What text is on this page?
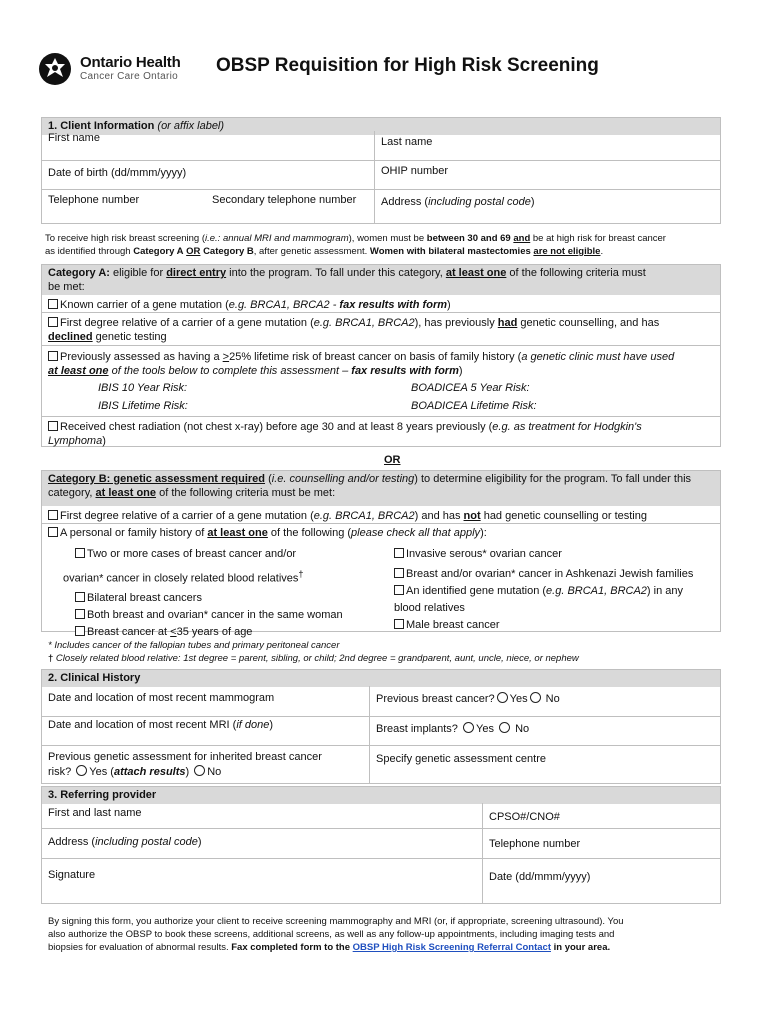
Ontario Health
Cancer Care Ontario
OBSP Requisition for High Risk Screening
1. Client Information (or affix label)
First name	Last name
Date of birth (dd/mmm/yyyy)	OHIP number
Telephone number	Secondary telephone number	Address (including postal code)
To receive high risk breast screening (i.e.: annual MRI and mammogram), women must be between 30 and 69 and be at high risk for breast cancer
as identified through Category A OR Category B, after genetic assessment. Women with bilateral mastectomies are not eligible.
Category A: eligible for direct entry into the program. To fall under this category, at least one of the following criteria must
be met:
Known carrier of a gene mutation (e.g. BRCA1, BRCA2 - fax results with form)
First degree relative of a carrier of a gene mutation (e.g. BRCA1, BRCA2), has previously had genetic counselling, and has
declined genetic testing
Previously assessed as having a >25% lifetime risk of breast cancer on basis of family history (a genetic clinic must have used
at least one of the tools below to complete this assessment – fax results with form)
IBIS 10 Year Risk:	BOADICEA 5 Year Risk:
IBIS Lifetime Risk:	BOADICEA Lifetime Risk:
Received chest radiation (not chest x-ray) before age 30 and at least 8 years previously (e.g. as treatment for Hodgkin's
Lymphoma)
OR
Category B: genetic assessment required (i.e. counselling and/or testing) to determine eligibility for the program. To fall under this
category, at least one of the following criteria must be met:
First degree relative of a carrier of a gene mutation (e.g. BRCA1, BRCA2) and has not had genetic counselling or testing
A personal or family history of at least one of the following (please check all that apply):
Two or more cases of breast cancer and/or
ovarian* cancer in closely related blood relatives†
Bilateral breast cancers
Both breast and ovarian* cancer in the same woman
Breast cancer at <35 years of age
Invasive serous* ovarian cancer
Breast and/or ovarian* cancer in Ashkenazi Jewish families
An identified gene mutation (e.g. BRCA1, BRCA2) in any
blood relatives
Male breast cancer
* Includes cancer of the fallopian tubes and primary peritoneal cancer
† Closely related blood relative: 1st degree = parent, sibling, or child; 2nd degree = grandparent, aunt, uncle, niece, or nephew
2. Clinical History
Date and location of most recent mammogram	Previous breast cancer? Yes No
Date and location of most recent MRI (if done)	Breast implants? Yes No
Previous genetic assessment for inherited breast cancer
risk? Yes (attach results) No
Specify genetic assessment centre
3. Referring provider
First and last name	CPSO#/CNO#
Address (including postal code)	Telephone number
Signature	Date (dd/mmm/yyyy)
By signing this form, you authorize your client to receive screening mammography and MRI (or, if appropriate, screening ultrasound). You
also authorize the OBSP to book these screens, additional screens, as well as any follow-up appointments, including imaging tests and
biopsies for evaluation of abnormal results. Fax completed form to the OBSP High Risk Screening Referral Contact in your area.
